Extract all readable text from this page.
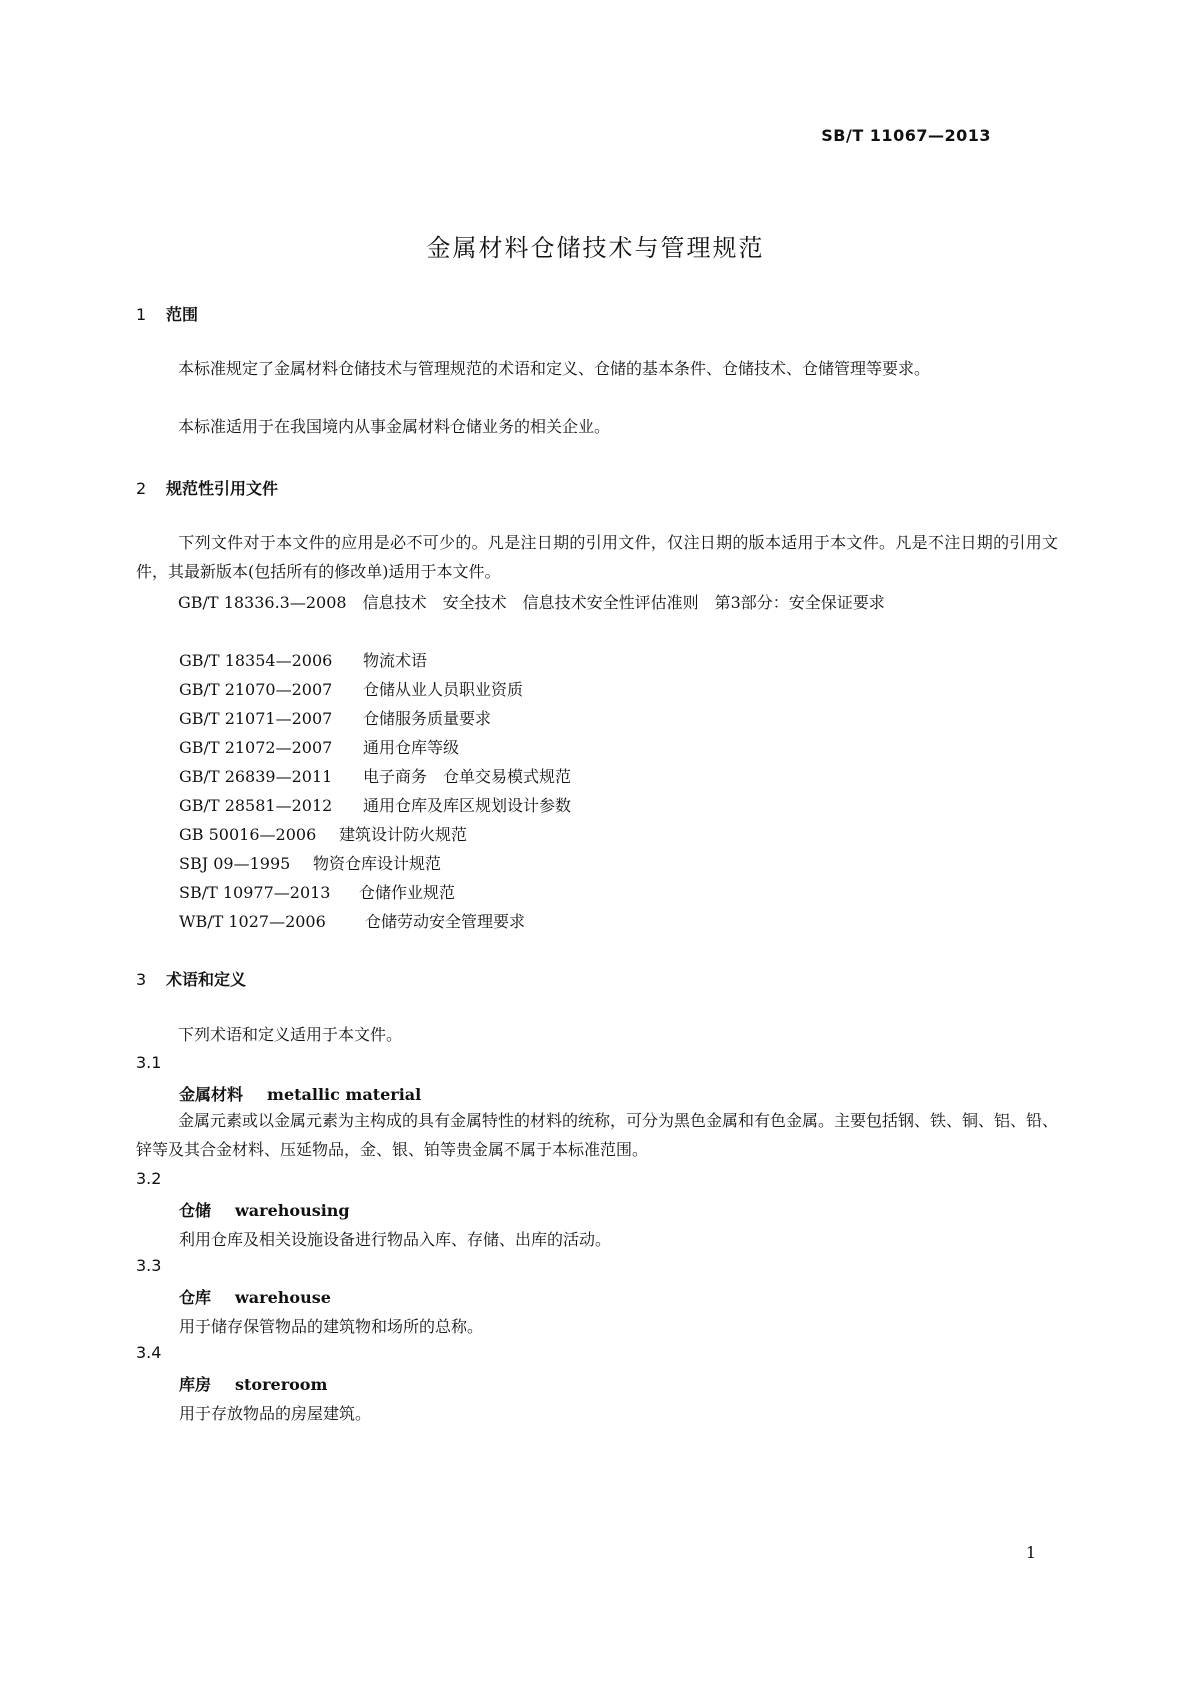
SB/T 11067—2013
金属材料仓储技术与管理规范
1 范围
本标准规定了金属材料仓储技术与管理规范的术语和定义、仓储的基本条件、仓储技术、仓储管理等要求。
本标准适用于在我国境内从事金属材料仓储业务的相关企业。
2 规范性引用文件
下列文件对于本文件的应用是必不可少的。凡是注日期的引用文件，仅注日期的版本适用于本文件。凡是不注日期的引用文件，其最新版本(包括所有的修改单)适用于本文件。
GB/T 18336.3—2008　信息技术　安全技术　信息技术安全性评估准则　第3部分：安全保证要求
GB/T 18354—2006 物流术语
GB/T 21070—2007 仓储从业人员职业资质
GB/T 21071—2007 仓储服务质量要求
GB/T 21072—2007 通用仓库等级
GB/T 26839—2011 电子商务　仓单交易模式规范
GB/T 28581—2012 通用仓库及库区规划设计参数
GB 50016—2006 建筑设计防火规范
SBJ 09—1995 物资仓库设计规范
SB/T 10977—2013 仓储作业规范
WB/T 1027—2006 仓储劳动安全管理要求
3 术语和定义
下列术语和定义适用于本文件。
3.1
金属材料 metallic material
金属元素或以金属元素为主构成的具有金属特性的材料的统称，可分为黑色金属和有色金属。主要包括钢、铁、铜、铝、铅、锌等及其合金材料、压延物品，金、银、铂等贵金属不属于本标准范围。
3.2
仓储 warehousing
利用仓库及相关设施设备进行物品入库、存储、出库的活动。
3.3
仓库 warehouse
用于储存保管物品的建筑物和场所的总称。
3.4
库房 storeroom
用于存放物品的房屋建筑。
1
